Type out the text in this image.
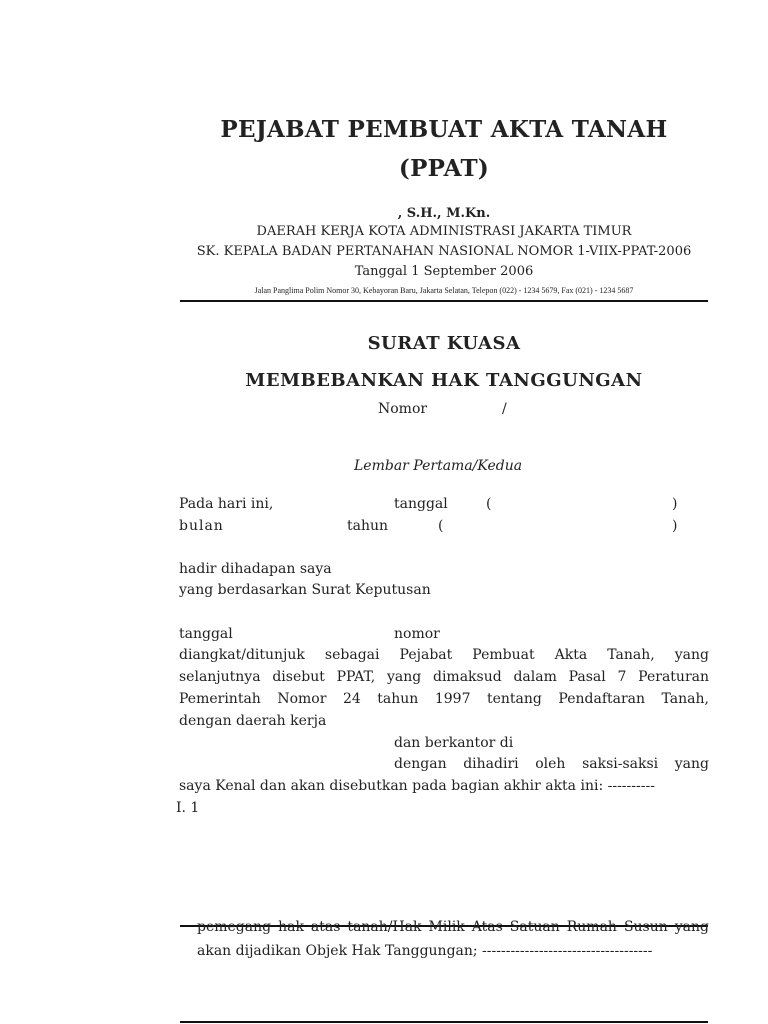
PEJABAT PEMBUAT AKTA TANAH
(PPAT)
, S.H., M.Kn.
DAERAH KERJA KOTA ADMINISTRASI JAKARTA TIMUR
SK. KEPALA BADAN PERTANAHAN NASIONAL NOMOR 1-VIIX-PPAT-2006
Tanggal 1 September 2006
Jalan Panglima Polim Nomor 30, Kebayoran Baru, Jakarta Selatan, Telepon (022) - 1234 5679, Fax (021) - 1234 5687
SURAT KUASA
MEMBEBANKAN HAK TANGGUNGAN
Nomor	/
Lembar Pertama/Kedua
Pada hari ini,	tanggal	(	)
bulan	tahun	(	)
hadir dihadapan saya
yang berdasarkan Surat Keputusan
tanggal	nomor
diangkat/ditunjuk sebagai Pejabat Pembuat Akta Tanah, yang
selanjutnya disebut PPAT, yang dimaksud dalam Pasal 7 Peraturan
Pemerintah Nomor 24 tahun 1997 tentang Pendaftaran Tanah,
dengan daerah kerja
dan berkantor di
dengan dihadiri oleh saksi-saksi yang
saya Kenal dan akan disebutkan pada bagian akhir akta ini: ----------
I. 1
pemegang hak atas tanah/Hak Milik Atas Satuan Rumah Susun yang
akan dijadikan Objek Hak Tanggungan; ------------------------------------
